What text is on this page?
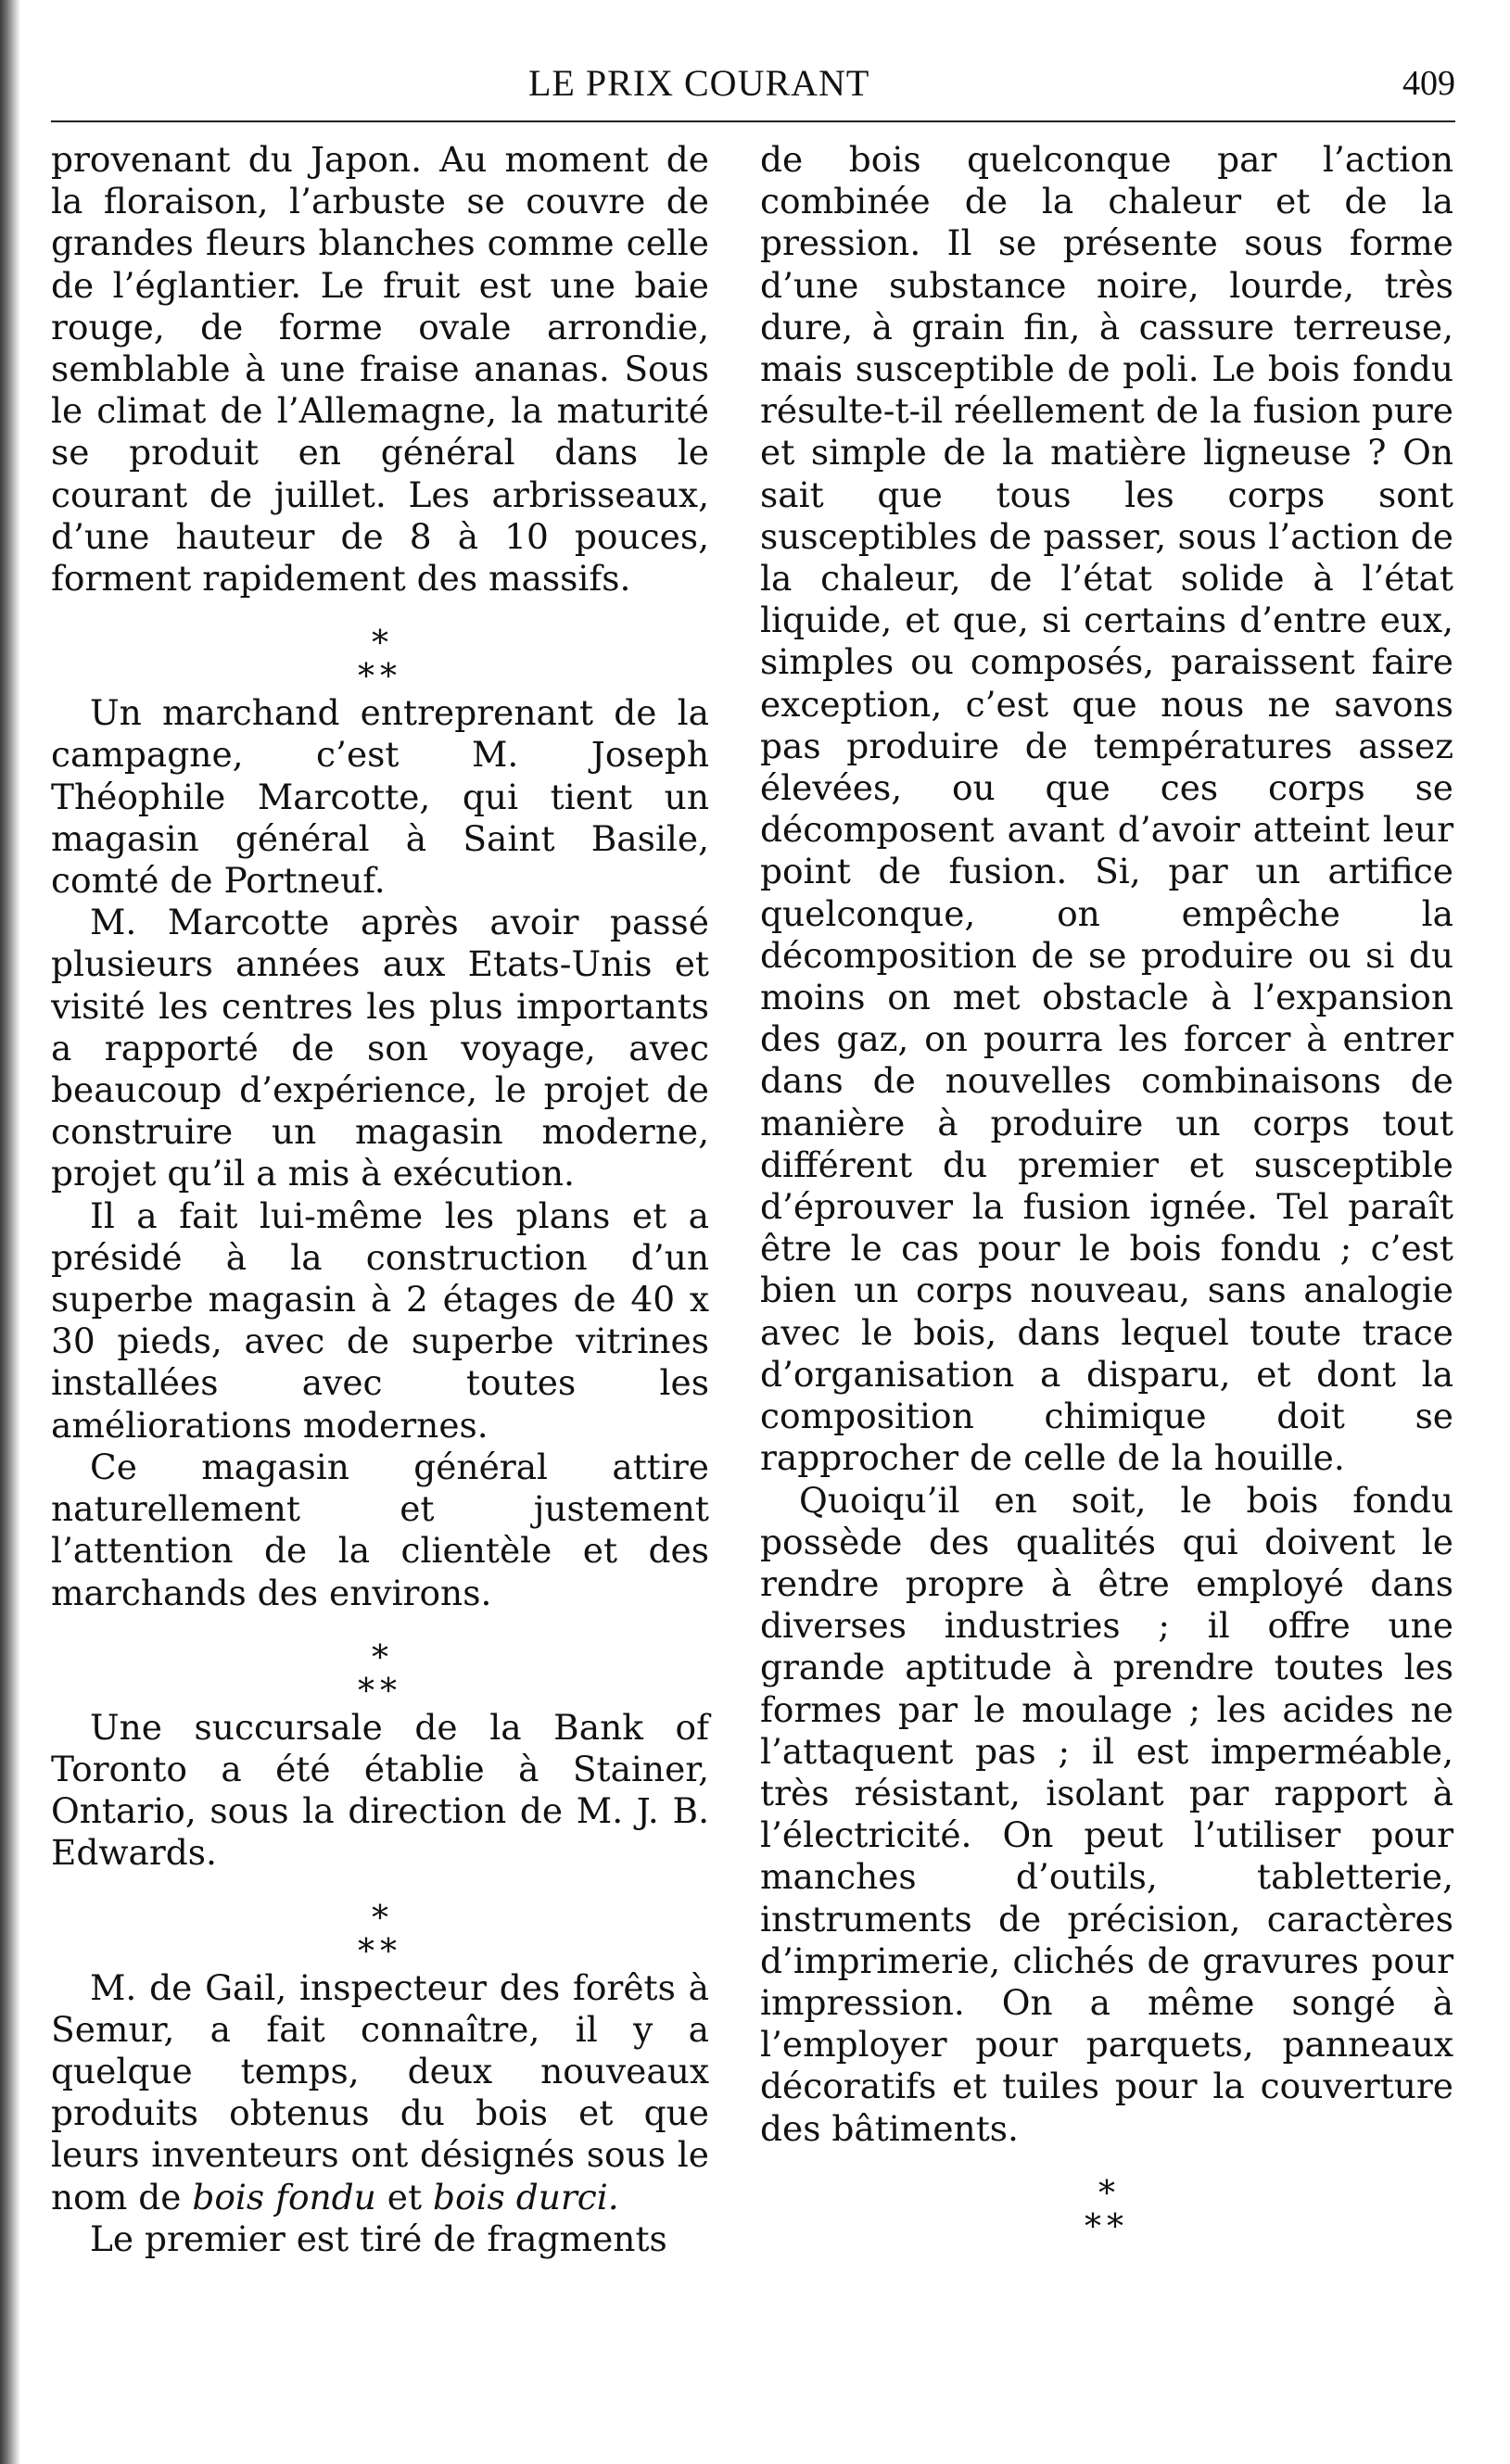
LE PRIX COURANT	409

provenant du Japon. Au moment de la floraison, l’arbuste se couvre de grandes fleurs blanches comme celle de l’églantier. Le fruit est une baie rouge, de forme ovale arrondie, semblable à une fraise ananas. Sous le climat de l’Allemagne, la maturité se produit en général dans le courant de juillet. Les arbrisseaux, d’une hauteur de 8 à 10 pouces, forment rapidement des massifs.

*
**

Un marchand entreprenant de la campagne, c’est M. Joseph Théophile Marcotte, qui tient un magasin général à Saint Basile, comté de Portneuf.

M. Marcotte après avoir passé plusieurs années aux Etats-Unis et visité les centres les plus importants a rapporté de son voyage, avec beaucoup d’expérience, le projet de construire un magasin moderne, projet qu’il a mis à exécution.

Il a fait lui-même les plans et a présidé à la construction d’un superbe magasin à 2 étages de 40 x 30 pieds, avec de superbe vitrines installées avec toutes les améliorations modernes.

Ce magasin général attire naturellement et justement l’attention de la clientèle et des marchands des environs.

*
**

Une succursale de la Bank of Toronto a été établie à Stainer, Ontario, sous la direction de M. J. B. Edwards.

*
**

M. de Gail, inspecteur des forêts à Semur, a fait connaître, il y a quelque temps, deux nouveaux produits obtenus du bois et que leurs inventeurs ont désignés sous le nom de bois fondu et bois durci.

Le premier est tiré de fragments

de bois quelconque par l’action combinée de la chaleur et de la pression. Il se présente sous forme d’une substance noire, lourde, très dure, à grain fin, à cassure terreuse, mais susceptible de poli. Le bois fondu résulte-t-il réellement de la fusion pure et simple de la matière ligneuse ? On sait que tous les corps sont susceptibles de passer, sous l’action de la chaleur, de l’état solide à l’état liquide, et que, si certains d’entre eux, simples ou composés, paraissent faire exception, c’est que nous ne savons pas produire de températures assez élevées, ou que ces corps se décomposent avant d’avoir atteint leur point de fusion. Si, par un artifice quelconque, on empêche la décomposition de se produire ou si du moins on met obstacle à l’expansion des gaz, on pourra les forcer à entrer dans de nouvelles combinaisons de manière à produire un corps tout différent du premier et susceptible d’éprouver la fusion ignée. Tel paraît être le cas pour le bois fondu ; c’est bien un corps nouveau, sans analogie avec le bois, dans lequel toute trace d’organisation a disparu, et dont la composition chimique doit se rapprocher de celle de la houille.

Quoiqu’il en soit, le bois fondu possède des qualités qui doivent le rendre propre à être employé dans diverses industries ; il offre une grande aptitude à prendre toutes les formes par le moulage ; les acides ne l’attaquent pas ; il est imperméable, très résistant, isolant par rapport à l’électricité. On peut l’utiliser pour manches d’outils, tabletterie, instruments de précision, caractères d’imprimerie, clichés de gravures pour impression. On a même songé à l’employer pour parquets, panneaux décoratifs et tuiles pour la couverture des bâtiments.

*
**
